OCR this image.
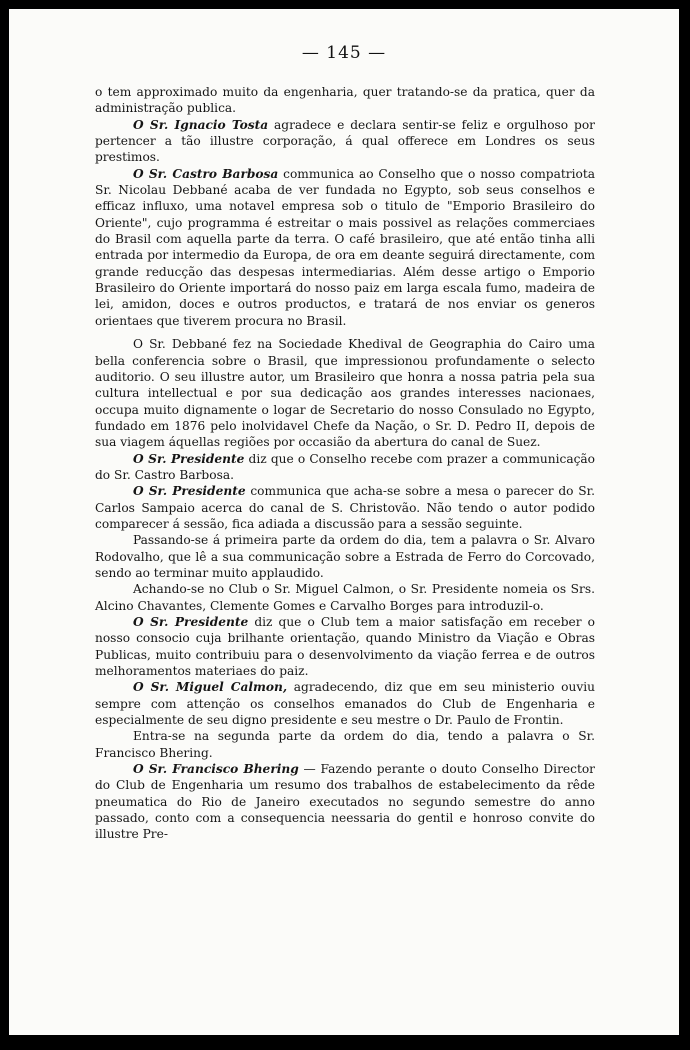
— 145 —

o tem approximado muito da engenharia, quer tratando-se da pratica, quer da administração publica.

O Sr. Ignacio Tosta agradece e declara sentir-se feliz e orgulhoso por pertencer a tão illustre corporação, á qual offerece em Londres os seus prestimos.

O Sr. Castro Barbosa communica ao Conselho que o nosso compatriota Sr. Nicolau Debbané acaba de ver fundada no Egypto, sob seus conselhos e efficaz influxo, uma notavel empresa sob o titulo de "Emporio Brasileiro do Oriente", cujo programma é estreitar o mais possivel as relações commerciaes do Brasil com aquella parte da terra. O café brasileiro, que até então tinha alli entrada por intermedio da Europa, de ora em deante seguirá directamente, com grande reducção das despesas intermediarias. Além desse artigo o Emporio Brasileiro do Oriente importará do nosso paiz em larga escala fumo, madeira de lei, amidon, doces e outros productos, e tratará de nos enviar os generos orientaes que tiverem procura no Brasil.

O Sr. Debbané fez na Sociedade Khedival de Geographia do Cairo uma bella conferencia sobre o Brasil, que impressionou profundamente o selecto auditorio. O seu illustre autor, um Brasileiro que honra a nossa patria pela sua cultura intellectual e por sua dedicação aos grandes interesses nacionaes, occupa muito dignamente o logar de Secretario do nosso Consulado no Egypto, fundado em 1876 pelo inolvidavel Chefe da Nação, o Sr. D. Pedro II, depois de sua viagem áquellas regiões por occasião da abertura do canal de Suez.

O Sr. Presidente diz que o Conselho recebe com prazer a communicação do Sr. Castro Barbosa.

O Sr. Presidente communica que acha-se sobre a mesa o parecer do Sr. Carlos Sampaio acerca do canal de S. Christovão. Não tendo o autor podido comparecer á sessão, fica adiada a discussão para a sessão seguinte.

Passando-se á primeira parte da ordem do dia, tem a palavra o Sr. Alvaro Rodovalho, que lê a sua communicação sobre a Estrada de Ferro do Corcovado, sendo ao terminar muito applaudido.

Achando-se no Club o Sr. Miguel Calmon, o Sr. Presidente nomeia os Srs. Alcino Chavantes, Clemente Gomes e Carvalho Borges para introduzil-o.

O Sr. Presidente diz que o Club tem a maior satisfação em receber o nosso consocio cuja brilhante orientação, quando Ministro da Viação e Obras Publicas, muito contribuiu para o desenvolvimento da viação ferrea e de outros melhoramentos materiaes do paiz.

O Sr. Miguel Calmon, agradecendo, diz que em seu ministerio ouviu sempre com attenção os conselhos emanados do Club de Engenharia e especialmente de seu digno presidente e seu mestre o Dr. Paulo de Frontin.

Entra-se na segunda parte da ordem do dia, tendo a palavra o Sr. Francisco Bhering.

O Sr. Francisco Bhering — Fazendo perante o douto Conselho Director do Club de Engenharia um resumo dos trabalhos de estabelecimento da rêde pneumatica do Rio de Janeiro executados no segundo semestre do anno passado, conto com a consequencia neessaria do gentil e honroso convite do illustre Pre-
